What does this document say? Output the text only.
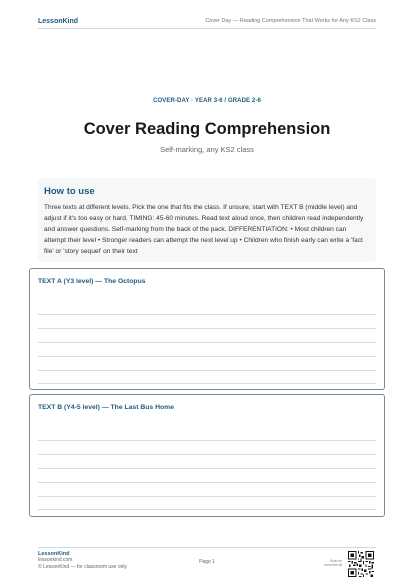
LessonKind	Cover Day — Reading Comprehension That Works for Any KS2 Class
COVER-DAY · YEAR 3-6 / GRADE 2-6
Cover Reading Comprehension
Self-marking, any KS2 class
How to use
Three texts at different levels. Pick the one that fits the class. If unsure, start with TEXT B (middle level) and adjust if it's too easy or hard. TIMING: 45-60 minutes. Read text aloud once, then children read independently and answer questions. Self-marking from the back of the pack. DIFFERENTIATION: • Most children can attempt their level • Stronger readers can attempt the next level up • Children who finish early can write a 'fact file' or 'story sequel' on their text
TEXT A (Y3 level) — The Octopus
TEXT B (Y4-5 level) — The Last Bus Home
LessonKind
lessonkind.com
© LessonKind — for classroom use only
Page 1	Scan for
more free kit
